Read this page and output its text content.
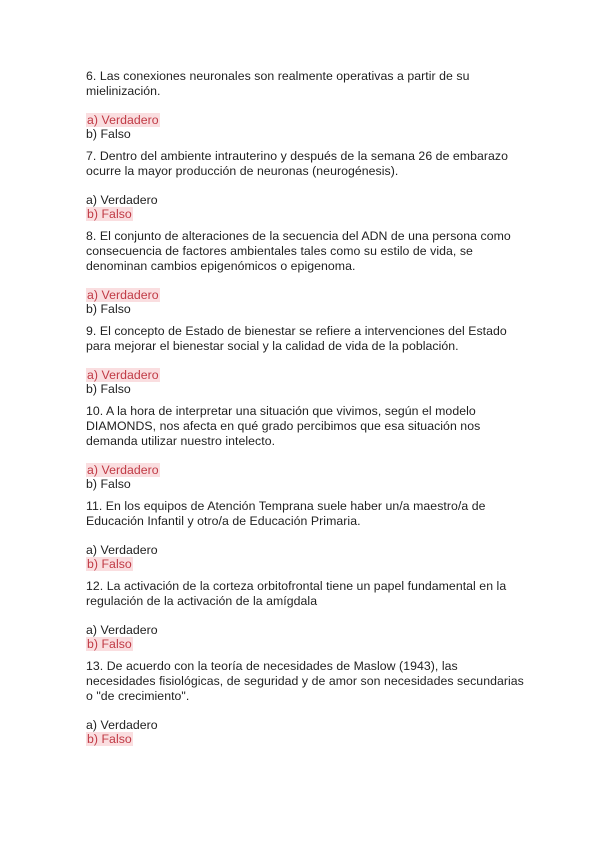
6. Las conexiones neuronales son realmente operativas a partir de su
mielinización.

a) Verdadero
b) Falso

7. Dentro del ambiente intrauterino y después de la semana 26 de embarazo
ocurre la mayor producción de neuronas (neurogénesis).

a) Verdadero
b) Falso

8. El conjunto de alteraciones de la secuencia del ADN de una persona como
consecuencia de factores ambientales tales como su estilo de vida, se
denominan cambios epigenómicos o epigenoma.

a) Verdadero
b) Falso

9. El concepto de Estado de bienestar se refiere a intervenciones del Estado
para mejorar el bienestar social y la calidad de vida de la población.

a) Verdadero
b) Falso

10. A la hora de interpretar una situación que vivimos, según el modelo
DIAMONDS, nos afecta en qué grado percibimos que esa situación nos
demanda utilizar nuestro intelecto.

a) Verdadero
b) Falso

11. En los equipos de Atención Temprana suele haber un/a maestro/a de
Educación Infantil y otro/a de Educación Primaria.

a) Verdadero
b) Falso

12. La activación de la corteza orbitofrontal tiene un papel fundamental en la
regulación de la activación de la amígdala

a) Verdadero
b) Falso

13. De acuerdo con la teoría de necesidades de Maslow (1943), las
necesidades fisiológicas, de seguridad y de amor son necesidades secundarias
o "de crecimiento".

a) Verdadero
b) Falso
